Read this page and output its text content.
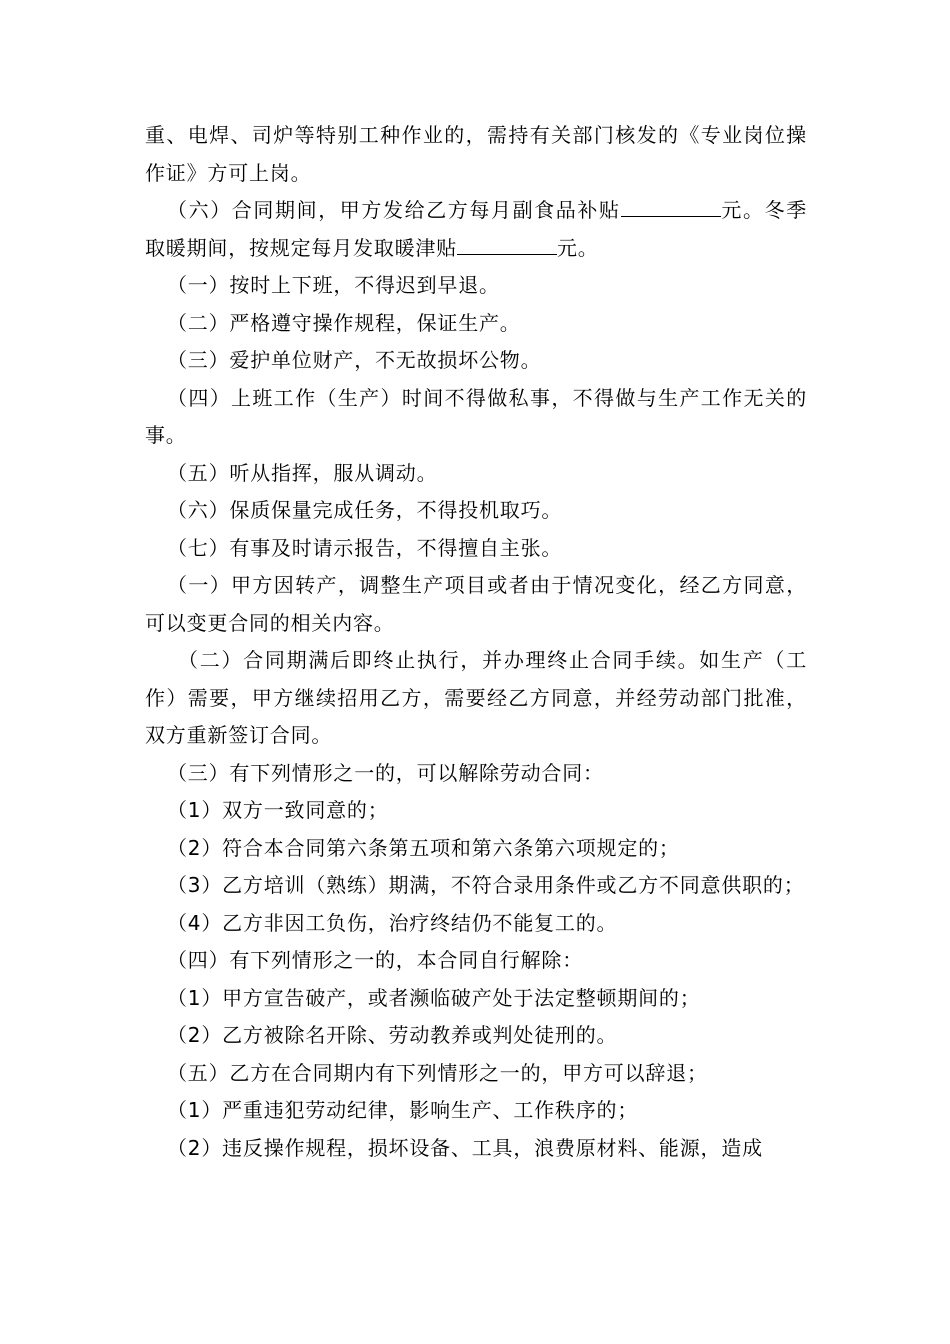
重、电焊、司炉等特别工种作业的，需持有关部门核发的《专业岗位操作证》方可上岗。

（六）合同期间，甲方发给乙方每月副食品补贴	元。冬季取暖期间，按规定每月发取暖津贴	元。

（一）按时上下班，不得迟到早退。

（二）严格遵守操作规程，保证生产。

（三）爱护单位财产，不无故损坏公物。

（四）上班工作（生产）时间不得做私事，不得做与生产工作无关的事。

（五）听从指挥，服从调动。

（六）保质保量完成任务，不得投机取巧。

（七）有事及时请示报告，不得擅自主张。

（一）甲方因转产，调整生产项目或者由于情况变化，经乙方同意，可以变更合同的相关内容。

（二）合同期满后即终止执行，并办理终止合同手续。如生产（工作）需要，甲方继续招用乙方，需要经乙方同意，并经劳动部门批准，双方重新签订合同。

（三）有下列情形之一的，可以解除劳动合同：

（1）双方一致同意的；

（2）符合本合同第六条第五项和第六条第六项规定的；

（3）乙方培训（熟练）期满，不符合录用条件或乙方不同意供职的；

（4）乙方非因工负伤，治疗终结仍不能复工的。

（四）有下列情形之一的，本合同自行解除：

（1）甲方宣告破产，或者濒临破产处于法定整顿期间的；

（2）乙方被除名开除、劳动教养或判处徒刑的。

（五）乙方在合同期内有下列情形之一的，甲方可以辞退；

（1）严重违犯劳动纪律，影响生产、工作秩序的；

（2）违反操作规程，损坏设备、工具，浪费原材料、能源，造成
